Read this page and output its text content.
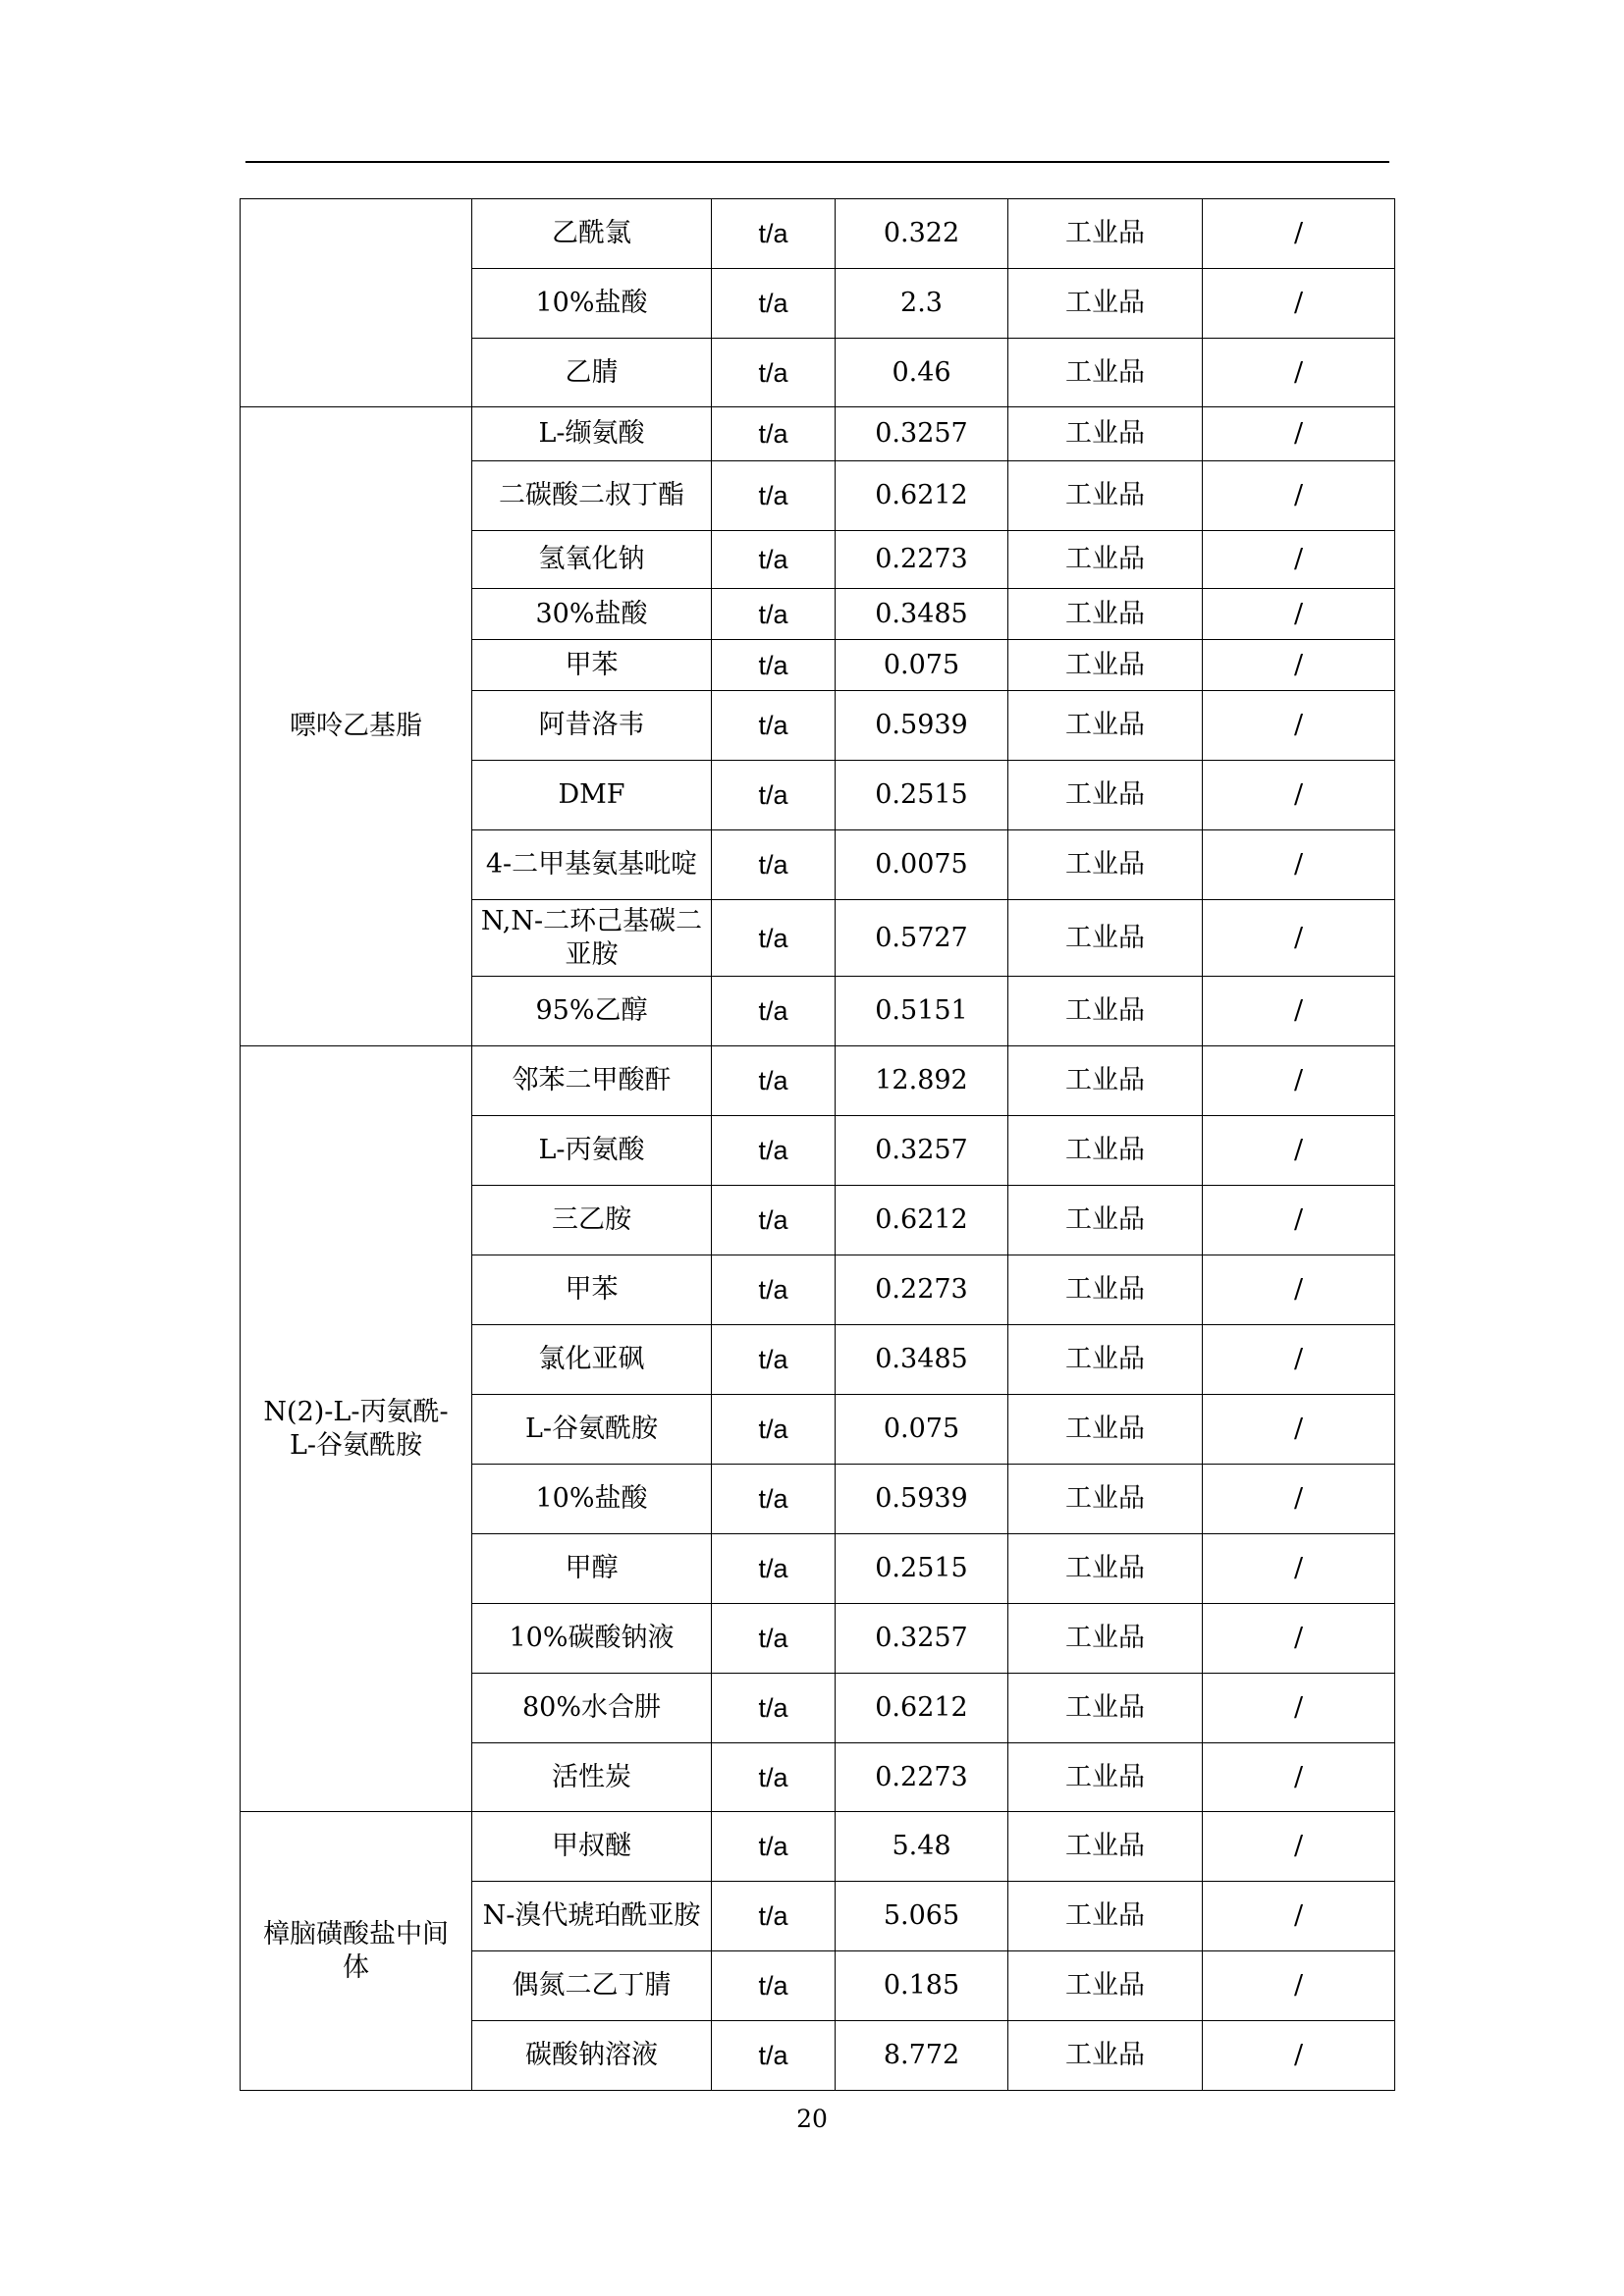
	乙酰氯	t/a	0.322	工业品	/
	10%盐酸	t/a	2.3	工业品	/
	乙腈	t/a	0.46	工业品	/
嘌呤乙基脂	L-缬氨酸	t/a	0.3257	工业品	/
	二碳酸二叔丁酯	t/a	0.6212	工业品	/
	氢氧化钠	t/a	0.2273	工业品	/
	30%盐酸	t/a	0.3485	工业品	/
	甲苯	t/a	0.075	工业品	/
	阿昔洛韦	t/a	0.5939	工业品	/
	DMF	t/a	0.2515	工业品	/
	4-二甲基氨基吡啶	t/a	0.0075	工业品	/
	N,N-二环己基碳二亚胺	t/a	0.5727	工业品	/
	95%乙醇	t/a	0.5151	工业品	/
N(2)-L-丙氨酰-L-谷氨酰胺	邻苯二甲酸酐	t/a	12.892	工业品	/
	L-丙氨酸	t/a	0.3257	工业品	/
	三乙胺	t/a	0.6212	工业品	/
	甲苯	t/a	0.2273	工业品	/
	氯化亚砜	t/a	0.3485	工业品	/
	L-谷氨酰胺	t/a	0.075	工业品	/
	10%盐酸	t/a	0.5939	工业品	/
	甲醇	t/a	0.2515	工业品	/
	10%碳酸钠液	t/a	0.3257	工业品	/
	80%水合肼	t/a	0.6212	工业品	/
	活性炭	t/a	0.2273	工业品	/
樟脑磺酸盐中间体	甲叔醚	t/a	5.48	工业品	/
	N-溴代琥珀酰亚胺	t/a	5.065	工业品	/
	偶氮二乙丁腈	t/a	0.185	工业品	/
	碳酸钠溶液	t/a	8.772	工业品	/
20
